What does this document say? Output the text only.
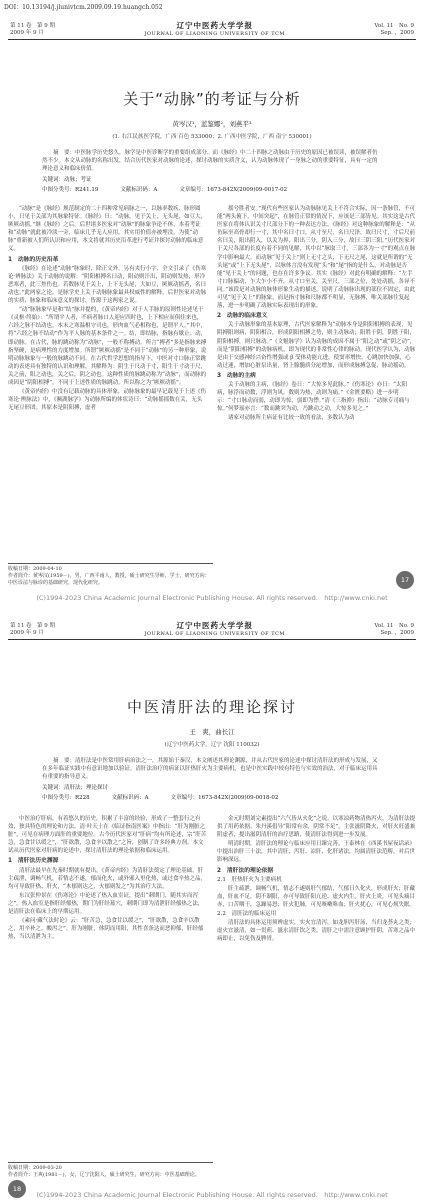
DOI：10.13194/j.jlunivtcm.2009.09.19.huangch.052
第 11 卷　第 9 期
2009 年 9 月
辽宁中医药大学学报
JOURNAL OF LIAONING UNIVERSITY OF TCM
Vol. 11　No. 9
Sep. ，2009
关于“动脉”的考证与分析
黄岑汉¹，蓝鉴娜²，刘燕平³
(1. 右江民族医学院，广西 百色 533000；2. 广西中医学院，广西 南宁 530001)
摘　要：中医脉学历史悠久，脉学是中医诊断学的重要组成部分，而《脉经》中二十四脉之动脉由于历史的原因已被误读，被误解者仍然不少。本文从动脉的名称出发，结合历代医家对动脉的论述，探讨动脉的实质含义，认为动脉体现了一身脉之动的重要特征，具有一定的理论意义和临床价值。
关键词：动脉；考证
中图分类号：R241.19	文献标识码：A	文章编号：1673-842X(2009)09-0017-02

“动脉”是《脉经》规范制定的二十四种常见病脉之一，以脉率数疾、脉形圆小、只见于关部为其脉象特征。《脉经》曰：“动脉，见于关上，无头尾，如豆大，厥厥动摇。”继《脉经》之后，后世诸多医家对“动脉”的脉象争论不休，本着考证和“动脉”就此被冷淡一旁，临床几乎无人应用。其实用价值亦被埋没。为使“动脉”重新被人们所认识和应用，本文将就其历史沿革进行考证并探讨动脉的临床意义。

1　动脉的历史沿革

《脉经》在论述“动脉”脉象时，除正文外，另有夹行小字，全文引录了《伤寒论·辨脉法》关于动脉的说解：“阴阳相搏名曰动，阳动则汗出，阴动则发热，形冷恶寒者，此三焦伤也。若数脉见于关上，上下无头尾，大如豆，厥厥动摇者，名曰动也。”此两家之论，是脉学史上关于动脉脉象最具权威性的解释，后世医家对动脉的实质、脉象和临床意义的探讨，皆源于这两家之说。

“动”脉脉象早是和“结”脉并提的，《黄帝内经》对于人手脉的原则性论述见于《灵枢·终始》：“所谓平人者，不病者脉口人迎应四时也，上下相应而俱往来也，六经之脉不结动也。本末之寒温相守司也，形肉血气必相称也，是谓平人。”其中，将“六经之脉不结动”作为平人脉的基本条件之一。结，即结脉，指脉有歇止；动，即动脉。在古代，脉的跳动称为“动脉”，一般不称搏动。所言“搏者”多是指脉来搏指坚硬，是病理性的力度增加。所谓“厥厥动摇”是不同于“动脉”的另一种形象，说明动脉脉象与一般的脉跳动不同。在古代哲学思想的指导下，中医对寸口脉正常跳动的表述具有独特的认识和理解，其解释为：阴生于尺动于寸，阳生于寸动于尺，关之前，阳之动也，关之后，阴之动也。这种性质的脉跳动称为“动脉”，而动脉的成因是“阴阳相搏”，不同于上述性质的脉跳动，所以称之为“厥厥动摇”。

《黄帝内经》中没有记载动脉的具体形象，动脉脉象的最早记载见于上述《伤寒论·辨脉法》中，《濒湖脉学》为动脉所编的体状诗曰：“动脉摇摇数在关，无头无尾豆形团。其原本是阴阳搏，虚者

摇兮胜者安。”现代有些医家认为动脉脉见关上不符合实际，因一条脉管，不可能“两头俯下，中间突起”，在脉管正常的情况下，应该是三部皆见。其实这是古代医家在将体认识关寸尺部分下的一种表达方法。《脉经》对这种脉象的解释是：“从鱼际至高骨却行一寸，其中名曰寸口，从寸至尺，名曰尺泽，故曰尺寸，寸后尺前名曰关，阳出阴入，以关为界，阳出三分，阴入三分，故曰三阴三阳。”历代医家对于关尺各部的长度有着不同的见解，其中以“脉取三寸，三部各为一寸”的观点在脉学中影响最大。而动脉“见于关上”则上无寸之头，下无尺之尾，这就是所谓的“无头尾”或“上下无头尾”，以脉体言没有发现“头”和“尾”指的是什么，对动脉是否能“见于关上”的问题，也存在许多争议。其实《脉经》对此有明确的解释：“左手寸口脉偏动，乍大乍小不齐，从寸口至关，关至尺，三部之位，处处动摇，各异不同。”该段是对动脉的脉体形象生动的描述，说明了动脉脉出现的部位不固定，由此可见“见于关上”的脉象，而是指寸脉和尺脉都不明显，无脉搏，唯关部脉往复起落，进一步明确了动脉实际表现出的形象。

2　动脉的临床意义

关于动脉形象的基本原理，古代医家解释为“动脉本身是阴阳相搏的表现，见阴搏阳则病，阴阳相合，形成阴阳相搏之势，则主动脉动；阳胜于阴，阴胜于阳，阴阳相搏，则只脉动。”《文魁脉学》认为动脉的成因不属于“阳之动”或“阴之动”，而是“阴阳相搏”的动脉病机，即为现代的非常性心律的脉动。现代医学认为，动脉是由于交感神经兴奋性增强或 β 受体功能亢进，使窦率增快，心跳加快加强，心动过速，增加心脏泵出量，肾上腺髓质分泌增加，而形成脉搏急促、脉动摇动。

3　动脉的主病

关于动脉的主病，《脉经》卷日：“大惊多见此脉。”《伤寒论》亦日：“太阳病，脉浮而动数，浮则为风，数则为热，动则为痛。”《金匮要略》进一步明示：“寸口脉动而弱，动即为惊，弱即为悸。”清《三指禅》指出：“动脉专司痛与惊。”何梦瑶亦言：“数而跳突为动，乃跳动之动，大惊多见之。”

诸家对动脉所主病证有比较一致的看法，多数认为动

收稿日期：2009-04-10
作者简介：黄岑汉(1959－)，男，广西平南人，教授，硕士研究生导师，学士，研究方向：中医诊法与脉诊的基础研究、现代化研究。	17
(C)1994-2023 China Academic Journal Electronic Publishing House. All rights reserved.　http://www.cnki.net
第 11 卷　第 9 期
2009 年 9 月
辽宁中医药大学学报
JOURNAL OF LIAONING UNIVERSITY OF TCM
Vol. 11　No. 9
Sep. ，2009
中医清肝法的理论探讨
王　爽，曲长江
(辽宁中医药大学，辽宁 沈阳 110032)
摘　要：清肝法是中医常用肝病治法之一，其源始于秦汉，本文阐述其理论渊源，并从古代医家的论述中探讨清肝法的形成与发展，又在多年临证实践中有意识地加以验证。清肝法治疗的病证以肝热肝火为主要病机，也是中医实践中较有特色与实效的治法，对于临床运用具有重要的指导意义。
关键词：清肝法；理论探讨
中图分类号：R228	文献标识码：A	文章编号：1673-842X(2009)09-0018-02

中医治疗肝病，有着悠久的历史，积累了丰富的经验，形成了一整套行之有效，独具特色的理论和方法。清·叶天士在《临证指南医案》中指出：“肝为刚脏之脏”，可见在病理方面肝的重要地位。古今历代医家对“肝病”均有所论述，宗“肝苦急，急食甘以缓之”，“肝欲散，急食辛以散之”之旨，创制了许多经典方剂。本文试从历代医家对肝病的论述中，探讨清肝法的理论依据和临床运用。

1　清肝法历史渊源

清肝法最早在先秦时期就有提出，《黄帝内经》为清肝法奠定了理论基础。肝主疏泄，调畅气机，若情志不遂，郁而化火，或外邪入里化热，或过食辛热之品，均可导致肝热、肝火，“木郁则达之，火郁则发之”为其治疗大法。

东汉张仲景在《伤寒论》中论述了热入血室证，提出“刺期门，随其实而泻之”。热入血室是指肝经郁热，期门为肝经募穴，刺期门即为清泄肝经郁热之法，是清肝法在临床上的早期运用。

《素问·藏气法时论》云：“肝苦急，急食甘以缓之”，“肝欲散，急食辛以散之，用辛补之，酸泻之”。肝为刚脏，体阴而用阳，其性喜条达而恶抑郁，肝经郁热，当以清泄为主。

金元时期刘完素提出“六气皆从火化”之说，以寒凉药物清热泻火，为清肝法提供了用药依据。朱丹溪倡导“阳常有余，阴常不足”，主张滋阴降火，对肝火旺盛兼阴虚者，提出滋阴清肝的治疗思路，使清肝法得到进一步发展。

明清时期，清肝法的理论与临床应用日臻完善。王泰林在《西溪书屋夜话录》中提出治肝三十法，其中清肝、泻肝、凉肝、化肝诸法，均属清肝法范畴，对后世影响深远。

2　清肝法的理论依据
2.1　肝热肝火为主要病机

肝主疏泄，调畅气机，情志不遂则肝气郁结，气郁日久化火，形成肝火；肝藏血，肝血不足，阴不制阳，亦可导致肝阳亢逆、虚火内生。肝火上炎，可见头痛目赤，口苦咽干，急躁易怒；肝火犯肺，可见咳嗽咯血；肝火扰心，可见心烦失眠。

2.2　清肝法的临床运用

清肝法的具体运用须辨虚实，实火宜清泻，如龙胆泻肝汤、当归龙荟丸之类；虚火宜滋清，如一贯煎、滋水清肝饮之类。清肝之中需注意顾护肝阴，苦寒之品中病即止，以免伤及脾胃。

收稿日期：2009-03-20
作者简介：王爽(1981－)，女，辽宁沈阳人，硕士研究生，研究方向：中医基础理论。
18
(C)1994-2023 China Academic Journal Electronic Publishing House. All rights reserved.　http://www.cnki.net
